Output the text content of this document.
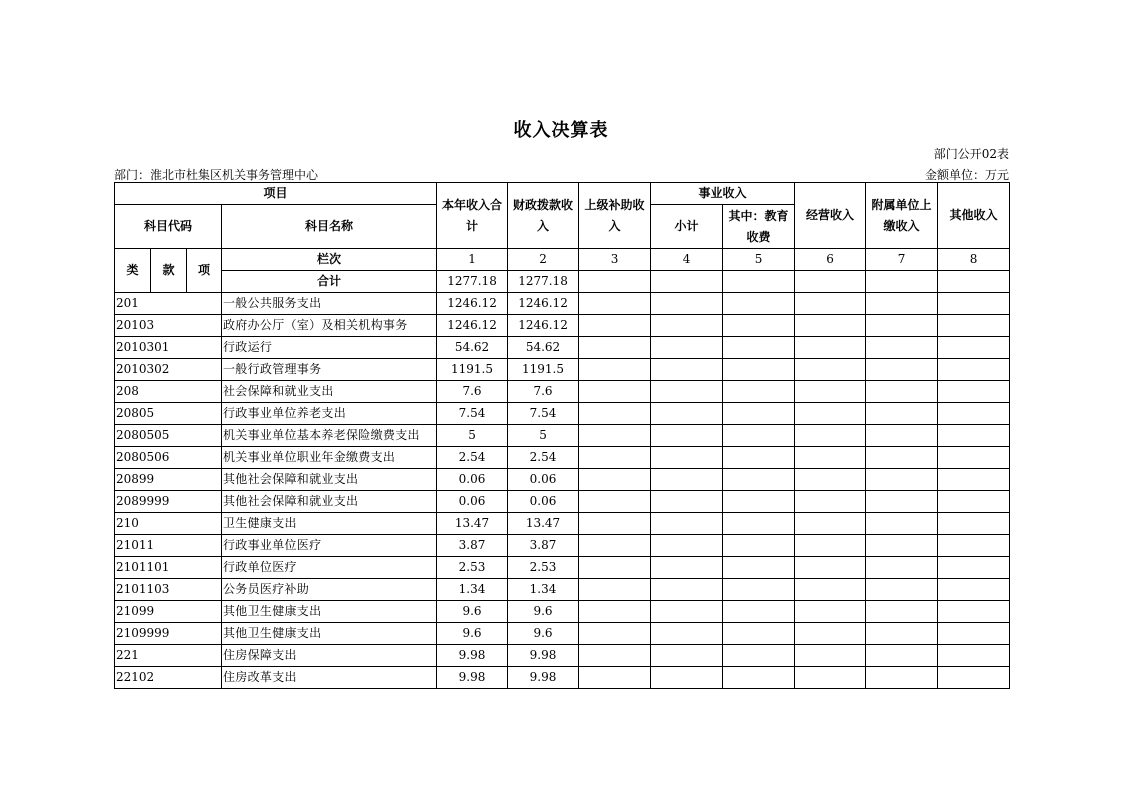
收入决算表
部门公开02表
部门：淮北市杜集区机关事务管理中心	金额单位：万元
项目				本年收入合计	财政拨款收入	上级补助收入	事业收入		经营收入	附属单位上缴收入	其他收入
科目代码			科目名称				小计	其中：教育收费			
类	款	项	栏次	1	2	3	4	5	6	7	8
			合计	1277.18	1277.18						
201			一般公共服务支出	1246.12	1246.12						
20103			政府办公厅（室）及相关机构事务	1246.12	1246.12						
2010301			行政运行	54.62	54.62						
2010302			一般行政管理事务	1191.5	1191.5						
208			社会保障和就业支出	7.6	7.6						
20805			行政事业单位养老支出	7.54	7.54						
2080505			机关事业单位基本养老保险缴费支出	5	5						
2080506			机关事业单位职业年金缴费支出	2.54	2.54						
20899			其他社会保障和就业支出	0.06	0.06						
2089999			其他社会保障和就业支出	0.06	0.06						
210			卫生健康支出	13.47	13.47						
21011			行政事业单位医疗	3.87	3.87						
2101101			行政单位医疗	2.53	2.53						
2101103			公务员医疗补助	1.34	1.34						
21099			其他卫生健康支出	9.6	9.6						
2109999			其他卫生健康支出	9.6	9.6						
221			住房保障支出	9.98	9.98						
22102			住房改革支出	9.98	9.98						
